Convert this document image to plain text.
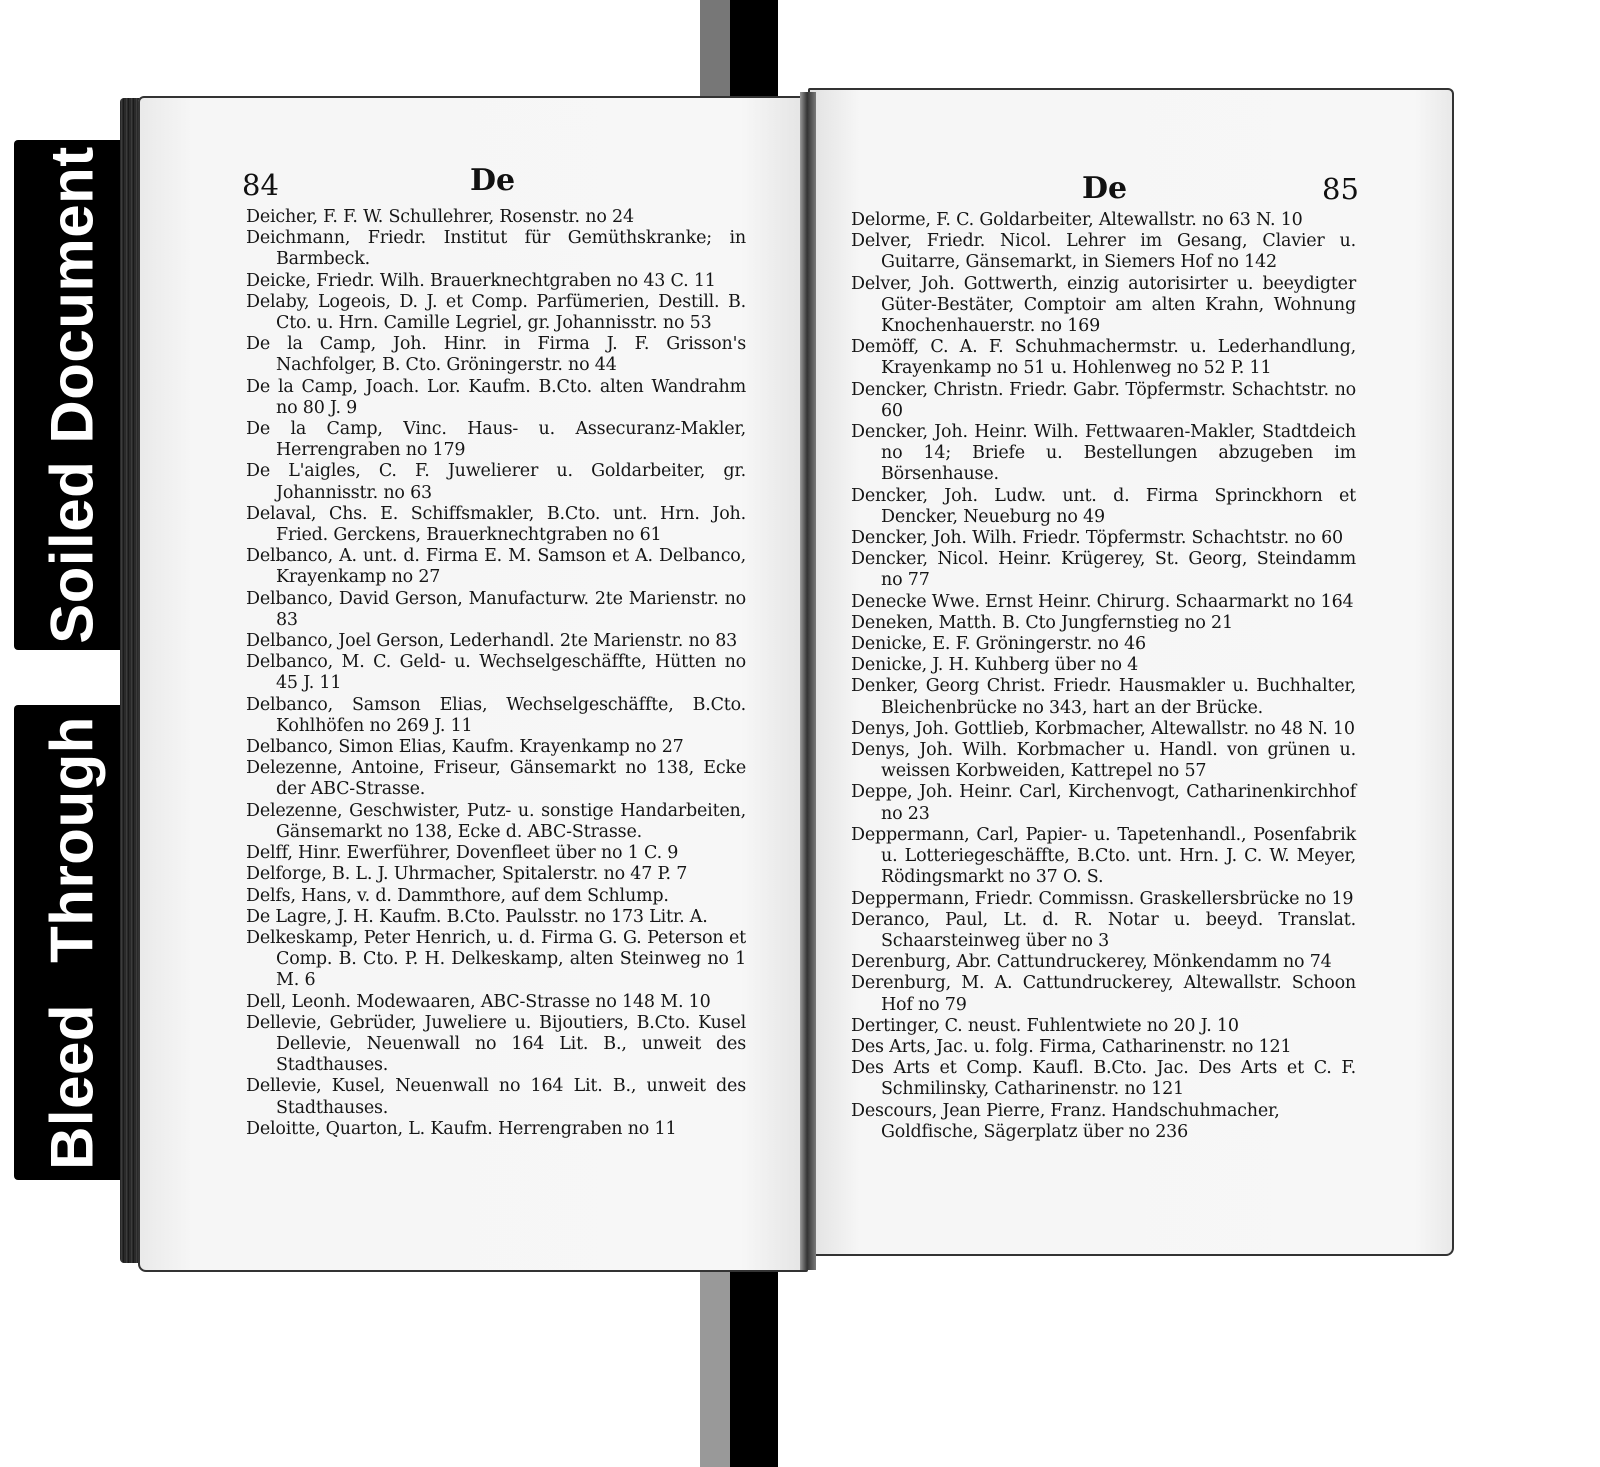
Soiled Document
Bleed Through
84	De	De	85

Deicher, F. F. W. Schullehrer, Rosenstr. no 24

Deichmann, Friedr. Institut für Gemüthskranke; in Barmbeck.

Deicke, Friedr. Wilh. Brauerknechtgraben no 43 C. 11

Delaby, Logeois, D. J. et Comp. Parfümerien, Destill. B. Cto. u. Hrn. Camille Legriel, gr. Johannisstr. no 53

De la Camp, Joh. Hinr. in Firma J. F. Grisson's Nachfolger, B. Cto. Gröningerstr. no 44

De la Camp, Joach. Lor. Kaufm. B.Cto. alten Wandrahm no 80 J. 9

De la Camp, Vinc. Haus- u. Assecuranz-Makler, Herrengraben no 179

De L'aigles, C. F. Juwelierer u. Goldarbeiter, gr. Johannisstr. no 63

Delaval, Chs. E. Schiffsmakler, B.Cto. unt. Hrn. Joh. Fried. Gerckens, Brauerknechtgraben no 61

Delbanco, A. unt. d. Firma E. M. Samson et A. Delbanco, Krayenkamp no 27

Delbanco, David Gerson, Manufacturw. 2te Marienstr. no 83

Delbanco, Joel Gerson, Lederhandl. 2te Marienstr. no 83

Delbanco, M. C. Geld- u. Wechselgeschäffte, Hütten no 45 J. 11

Delbanco, Samson Elias, Wechselgeschäffte, B.Cto. Kohlhöfen no 269 J. 11

Delbanco, Simon Elias, Kaufm. Krayenkamp no 27

Delezenne, Antoine, Friseur, Gänsemarkt no 138, Ecke der ABC-Strasse.

Delezenne, Geschwister, Putz- u. sonstige Handarbeiten, Gänsemarkt no 138, Ecke d. ABC-Strasse.

Delff, Hinr. Ewerführer, Dovenfleet über no 1 C. 9

Delforge, B. L. J. Uhrmacher, Spitalerstr. no 47 P. 7

Delfs, Hans, v. d. Dammthore, auf dem Schlump.

De Lagre, J. H. Kaufm. B.Cto. Paulsstr. no 173 Litr. A.

Delkeskamp, Peter Henrich, u. d. Firma G. G. Peterson et Comp. B. Cto. P. H. Delkeskamp, alten Steinweg no 1 M. 6

Dell, Leonh. Modewaaren, ABC-Strasse no 148 M. 10

Dellevie, Gebrüder, Juweliere u. Bijoutiers, B.Cto. Kusel Dellevie, Neuenwall no 164 Lit. B., unweit des Stadthauses.

Dellevie, Kusel, Neuenwall no 164 Lit. B., unweit des Stadthauses.

Deloitte, Quarton, L. Kaufm. Herrengraben no 11

Delorme, F. C. Goldarbeiter, Altewallstr. no 63 N. 10

Delver, Friedr. Nicol. Lehrer im Gesang, Clavier u. Guitarre, Gänsemarkt, in Siemers Hof no 142

Delver, Joh. Gottwerth, einzig autorisirter u. beeydigter Güter-Bestäter, Comptoir am alten Krahn, Wohnung Knochenhauerstr. no 169

Demöff, C. A. F. Schuhmachermstr. u. Lederhandlung, Krayenkamp no 51 u. Hohlenweg no 52 P. 11

Dencker, Christn. Friedr. Gabr. Töpfermstr. Schachtstr. no 60

Dencker, Joh. Heinr. Wilh. Fettwaaren-Makler, Stadtdeich no 14; Briefe u. Bestellungen abzugeben im Börsenhause.

Dencker, Joh. Ludw. unt. d. Firma Sprinckhorn et Dencker, Neueburg no 49

Dencker, Joh. Wilh. Friedr. Töpfermstr. Schachtstr. no 60

Dencker, Nicol. Heinr. Krügerey, St. Georg, Steindamm no 77

Denecke Wwe. Ernst Heinr. Chirurg. Schaarmarkt no 164

Deneken, Matth. B. Cto Jungfernstieg no 21

Denicke, E. F. Gröningerstr. no 46

Denicke, J. H. Kuhberg über no 4

Denker, Georg Christ. Friedr. Hausmakler u. Buchhalter, Bleichenbrücke no 343, hart an der Brücke.

Denys, Joh. Gottlieb, Korbmacher, Altewallstr. no 48 N. 10

Denys, Joh. Wilh. Korbmacher u. Handl. von grünen u. weissen Korbweiden, Kattrepel no 57

Deppe, Joh. Heinr. Carl, Kirchenvogt, Catharinenkirchhof no 23

Deppermann, Carl, Papier- u. Tapetenhandl., Posenfabrik u. Lotteriegeschäffte, B.Cto. unt. Hrn. J. C. W. Meyer, Rödingsmarkt no 37 O. S.

Deppermann, Friedr. Commissn. Graskellersbrücke no 19

Deranco, Paul, Lt. d. R. Notar u. beeyd. Translat. Schaarsteinweg über no 3

Derenburg, Abr. Cattundruckerey, Mönkendamm no 74

Derenburg, M. A. Cattundruckerey, Altewallstr. Schoon Hof no 79

Dertinger, C. neust. Fuhlentwiete no 20 J. 10

Des Arts, Jac. u. folg. Firma, Catharinenstr. no 121

Des Arts et Comp. Kaufl. B.Cto. Jac. Des Arts et C. F. Schmilinsky, Catharinenstr. no 121

Descours, Jean Pierre, Franz. Handschuhmacher, Goldfische, Sägerplatz über no 236
